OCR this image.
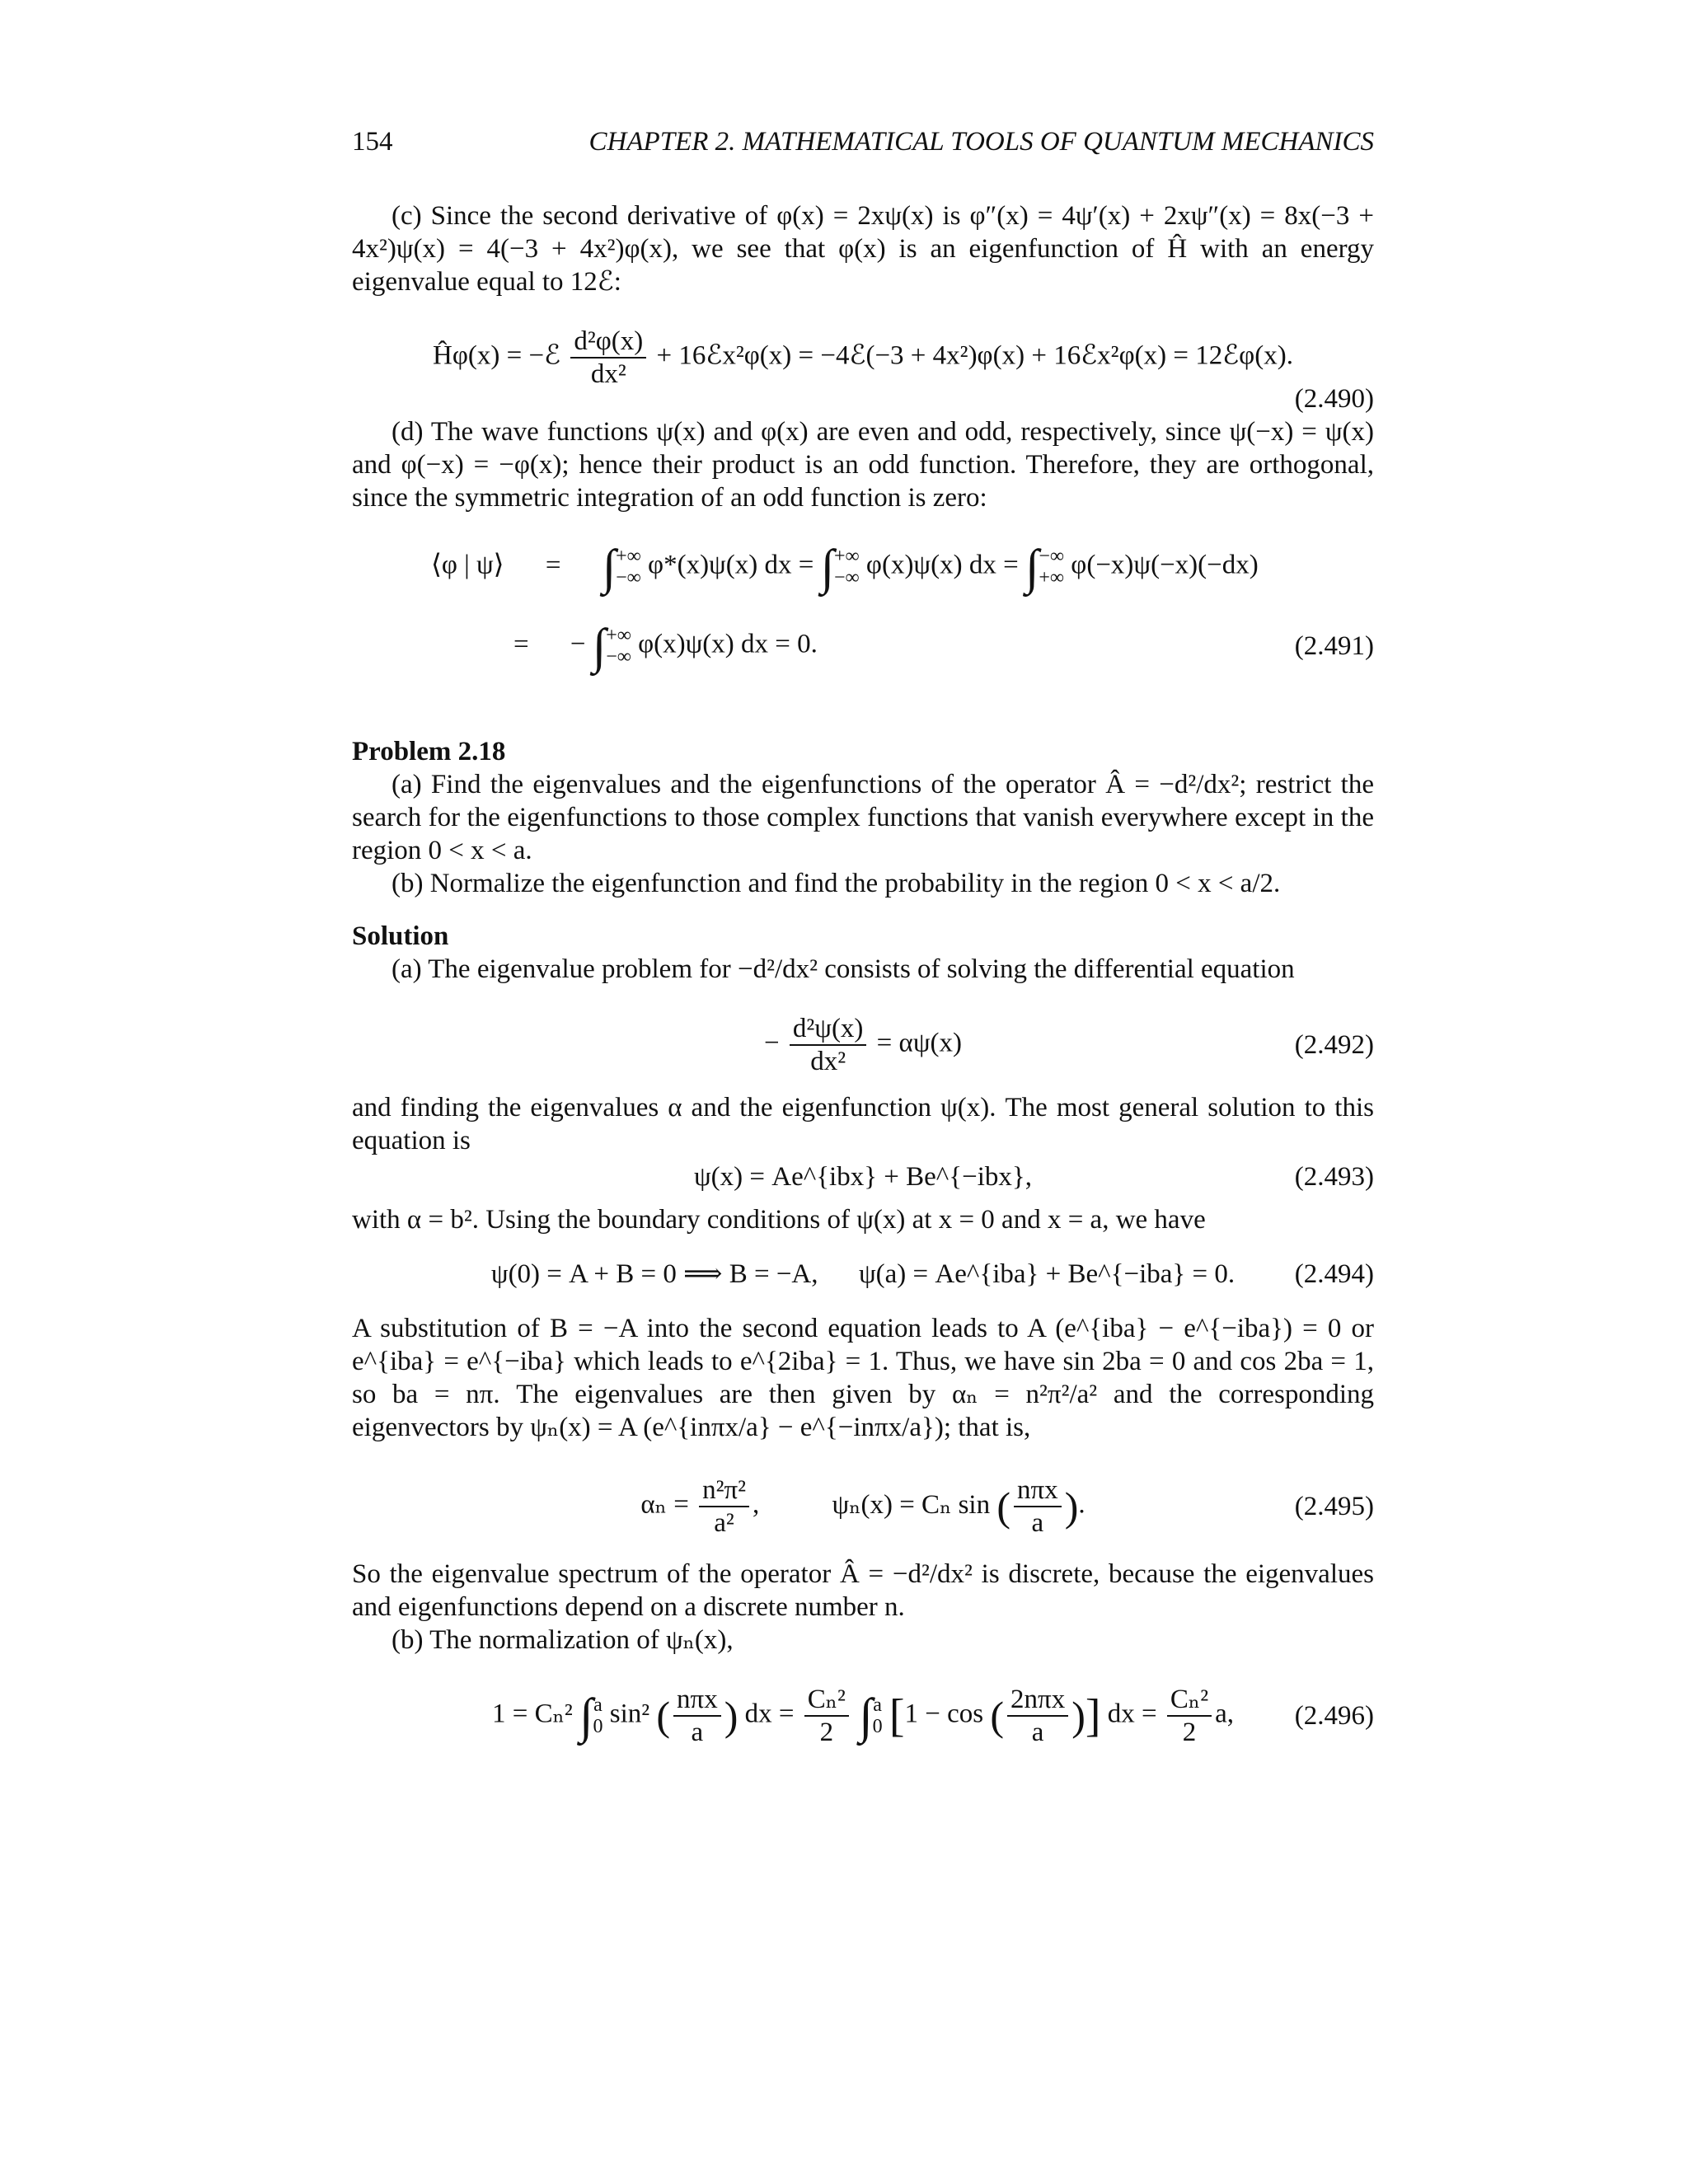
154	CHAPTER 2. MATHEMATICAL TOOLS OF QUANTUM MECHANICS

(c) Since the second derivative of φ(x) = 2xψ(x) is φ″(x) = 4ψ′(x) + 2xψ″(x) = 8x(−3 + 4x²)ψ(x) = 4(−3 + 4x²)φ(x), we see that φ(x) is an eigenfunction of Ĥ with an energy eigenvalue equal to 12ℰ:

Ĥφ(x) = −ℰ $\frac{\text{d²φ(x)}}{\text{dx²}}$ + 16ℰx²φ(x) = −4ℰ(−3 + 4x²)φ(x) + 16ℰx²φ(x) = 12ℰφ(x).
(2.490)

(d) The wave functions ψ(x) and φ(x) are even and odd, respectively, since ψ(−x) = ψ(x) and φ(−x) = −φ(x); hence their product is an odd function. Therefore, they are orthogonal, since the symmetric integration of an odd function is zero:

⟨φ | ψ⟩ = ∫ +∞
−∞ φ*(x)ψ(x) dx = ∫ +∞
−∞ φ(x)ψ(x) dx = ∫ −∞
+∞ φ(−x)ψ(−x)(−dx)
= − ∫ +∞
−∞ φ(x)ψ(x) dx = 0.	(2.491)

Problem 2.18

(a) Find the eigenvalues and the eigenfunctions of the operator Â = −d²/dx²; restrict the search for the eigenfunctions to those complex functions that vanish everywhere except in the region 0 < x < a.

(b) Normalize the eigenfunction and find the probability in the region 0 < x < a/2.

Solution

(a) The eigenvalue problem for −d²/dx² consists of solving the differential equation

− $\frac{\text{d²ψ(x)}}{\text{dx²}} = \alpha\psi(x)$	(2.492)

and finding the eigenvalues α and the eigenfunction ψ(x). The most general solution to this equation is

ψ(x) = Ae^{ibx} + Be^{−ibx},	(2.493)

with α = b². Using the boundary conditions of ψ(x) at x = 0 and x = a, we have

ψ(0) = A + B = 0 ⟹ B = −A,      ψ(a) = Ae^{iba} + Be^{−iba} = 0.	(2.494)

A substitution of B = −A into the second equation leads to A (e^{iba} − e^{−iba}) = 0 or e^{iba} = e^{−iba} which leads to e^{2iba} = 1. Thus, we have sin 2ba = 0 and cos 2ba = 1, so ba = nπ. The eigenvalues are then given by αₙ = n²π²/a² and the corresponding eigenvectors by ψₙ(x) = A (e^{inπx/a} − e^{−inπx/a}); that is,

$\alpha_n = \frac{\text{n²π²}}{\text{a²}}$ ,	ψₙ(x) = Cₙ sin ( $\frac{\text{nπx}}{a}$ ).	(2.495)

So the eigenvalue spectrum of the operator Â = −d²/dx² is discrete, because the eigenvalues and eigenfunctions depend on a discrete number n.

(b) The normalization of ψₙ(x),

1 = Cₙ² ∫ a
0 sin² ( $\frac{\text{nπx}}{a}$ ) dx = $\frac{\text{Cₙ²}}{2}$ ∫ a
0 [1 − cos ( $\frac{\text{2nπx}}{a}$ )] dx = $\frac{\text{Cₙ²}}{2} a$,	(2.496)
